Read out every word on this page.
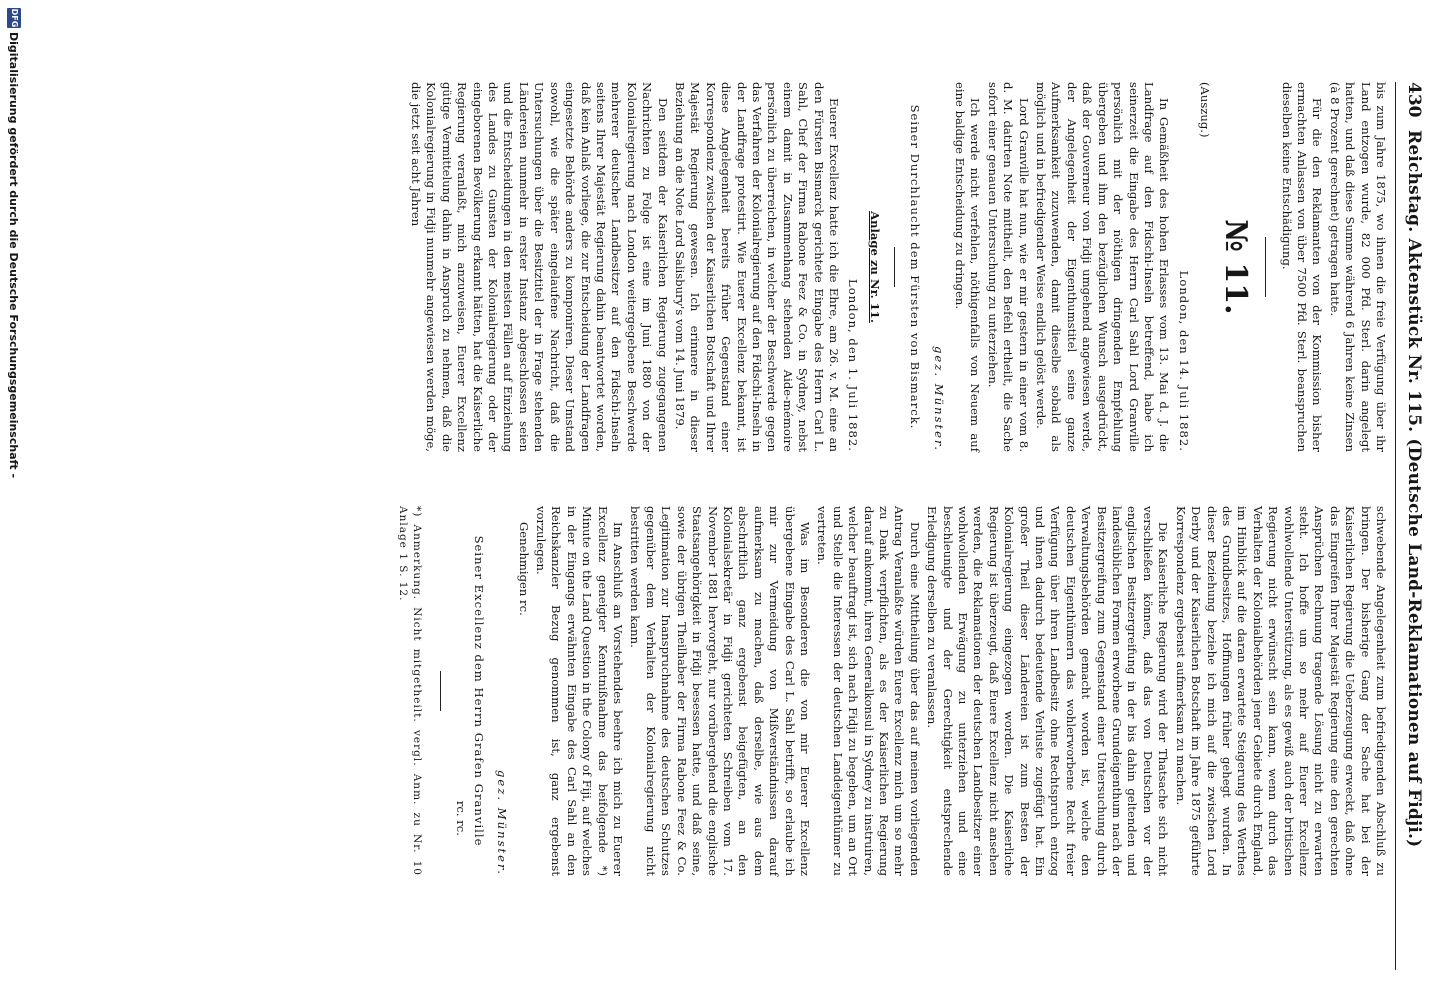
430
Reichstag. Aktenstück Nr. 115. (Deutsche Land-Reklamationen auf Fidji.)

bis zum Jahre 1875, wo ihnen die freie Verfügung über ihr Land entzogen wurde, 82 000 Pfd. Sterl. darin angelegt hatten, und daß diese Summe während 6 Jahren keine Zinsen (à 8 Prozent gerechnet) getragen hatte.

Für die den Reklamanten von der Kommission bisher ermachten Anlassen von über 7500 Pfd. Sterl. beanspruchen dieselben keine Entschädigung.

№ 11.
(Auszug.)
London, den 14. Juli 1882.

In Gemäßheit des hohen Erlasses vom 13. Mai d. J. die Landfrage auf den Fidschi-Inseln betreffend, habe ich seinerzeit die Eingabe des Herrn Carl Sahl Lord Granville persönlich mit der nöthigen dringenden Empfehlung übergeben und ihm den bezüglichen Wunsch ausgedrückt, daß der Gouverneur von Fidji umgehend angewiesen werde, der Angelegenheit der Eigenthumstitel seine ganze Aufmerksamkeit zuzuwenden, damit dieselbe sobald als möglich und in befriedigender Weise endlich gelöst werde.

Lord Granville hat nun, wie er mir gestern in einer vom 8. d. M. datirten Note mittheilt, den Befehl ertheilt, die Sache sofort einer genauen Untersuchung zu unterziehen.

Ich werde nicht verfehlen, nöthigenfalls von Neuem auf eine baldige Entscheidung zu dringen.

gez. Münster.
Seiner Durchlaucht dem Fürsten von Bismarck.
Anlage zu Nr. 11.
London, den 1. Juli 1882.

Euerer Excellenz hatte ich die Ehre, am 26. v. M. eine an den Fürsten Bismarck gerichtete Eingabe des Herrn Carl L. Sahl, Chef der Firma Rabone Feez & Co. in Sydney, nebst einem damit in Zusammenhang stehenden Aide-mémoire persönlich zu überreichen, in welcher der Beschwerde gegen das Verfahren der Kolonialregierung auf den Fidschi-Inseln in der Landfrage protestirt. Wie Euerer Excellenz bekannt, ist diese Angelegenheit bereits früher Gegenstand einer Korrespondenz zwischen der Kaiserlichen Botschaft und Ihrer Majestät Regierung gewesen. Ich erinnere in dieser Beziehung an die Note Lord Salisbury's vom 14. Juni 1879.

Den seitdem der Kaiserlichen Regierung zugegangenen Nachrichten zu Folge ist eine im Juni 1880 von der Kolonialregierung nach London weitergegebene Beschwerde mehrerer deutscher Landbesitzer auf den Fidschi-Inseln seitens Ihrer Majestät Regierung dahin beantwortet worden, daß kein Anlaß vorliege, die zur Entscheidung der Landfragen eingesetzte Behörde anders zu komponiren. Dieser Umstand sowohl, wie die später eingelaufene Nachricht, daß die Untersuchungen über die Besitztitel der in Frage stehenden Ländereien nunmehr in erster Instanz abgeschlossen seien und die Entscheidungen in den meisten Fällen auf Einziehung des Landes zu Gunsten der Kolonialregierung oder der eingeborenen Bevölkerung erkannt hätten, hat die Kaiserliche Regierung veranlaßt, mich anzuweisen, Euerer Excellenz gütige Vermittelung dahin in Anspruch zu nehmen, daß die Kolonialregierung in Fidji nunmehr angewiesen werden möge, die jetzt seit acht Jahren

schwebende Angelegenheit zum befriedigenden Abschluß zu bringen. Der bisherige Gang der Sache hat bei der Kaiserlichen Regierung die Ueberzeugung erweckt, daß ohne das Eingreifen Ihrer Majestät Regierung eine den gerechten Ansprüchen Rechnung tragende Lösung nicht zu erwarten steht. Ich hoffe um so mehr auf Euerer Excellenz wohlwollende Unterstützung, als es gewiß auch der britischen Regierung nicht erwünscht sein kann, wenn durch das Verhalten der Kolonialbehörden jener Gebiete durch England, im Hinblick auf die daran erwartete Steigerung des Werthes des Grundbesitzes, Hoffnungen früher gehegt wurden. In dieser Beziehung beziehe ich mich auf die zwischen Lord Derby und der Kaiserlichen Botschaft im Jahre 1875 geführte Korrespondenz ergebenst aufmerksam zu machen.

Die Kaiserliche Regierung wird der Thatsache sich nicht verschließen können, daß das von Deutschen vor der englischen Besitzergreifung in der bis dahin geltenden und landesüblichen Formen erworbene Grundeigenthum nach der Besitzergreifung zum Gegenstand einer Untersuchung durch Verwaltungsbehörden gemacht worden ist, welche den deutschen Eigenthümern das wohlerworbene Recht freier Verfügung über ihren Landbesitz ohne Rechtspruch entzog und ihnen dadurch bedeutende Verluste zugefügt hat. Ein großer Theil dieser Ländereien ist zum Besten der Kolonialregierung eingezogen worden. Die Kaiserliche Regierung ist überzeugt, daß Euere Excellenz nicht ansehen werden, die Reklamationen der deutschen Landbesitzer einer wohlwollenden Erwägung zu unterziehen und eine beschleunigte und der Gerechtigkeit entsprechende Erledigung derselben zu veranlassen.

Durch eine Mittheilung über das auf meinen vorliegenden Antrag Veranlaßte würden Euere Excellenz mich um so mehr zu Dank verpflichten, als es der Kaiserlichen Regierung darauf ankommt, ihren Generalkonsul in Sydney zu instruiren, welcher beauftragt ist, sich nach Fidji zu begeben, um an Ort und Stelle die Interessen der deutschen Landeigenthümer zu vertreten.

Was im Besonderen die von mir Euerer Excellenz übergebene Eingabe des Carl L. Sahl betrifft, so erlaube ich mir zur Vermeidung von Mißverständnissen darauf aufmerksam zu machen, daß derselbe, wie aus dem abschriftlich ganz ergebenst beigefügten, an den Kolonialsekretär in Fidji gerichteten Schreiben vom 17. November 1881 hervorgeht, nur vorübergehend die englische Staatsangehörigkeit in Fidji besessen hatte, und daß seine, sowie der übrigen Theilhaber der Firma Rabone Feez & Co. Legitimation zur Inanspruchnahme des deutschen Schutzes gegenüber dem Verhalten der Kolonialregierung nicht bestritten werden kann.

Im Anschluß an Vorstehendes beehre ich mich zu Euerer Excellenz geneigter Kenntnißnahme das beifolgende *) Minute on the Land Question in the Colony of Fiji, auf welches in der Eingangs erwähnten Eingabe des Carl Sahl an den Reichskanzler Bezug genommen ist, ganz ergebenst vorzulegen.

Genehmigen rc.

gez. Münster.
Seiner Excellenz dem Herrn Grafen Granville
rc. rc.
*) Anmerkung. Nicht mitgetheilt. vergl. Anm. zu Nr. 10 Anlage 1 S. 12.
DFG
Digitalisierung gefördert durch die Deutsche Forschungsgemeinschaft -
